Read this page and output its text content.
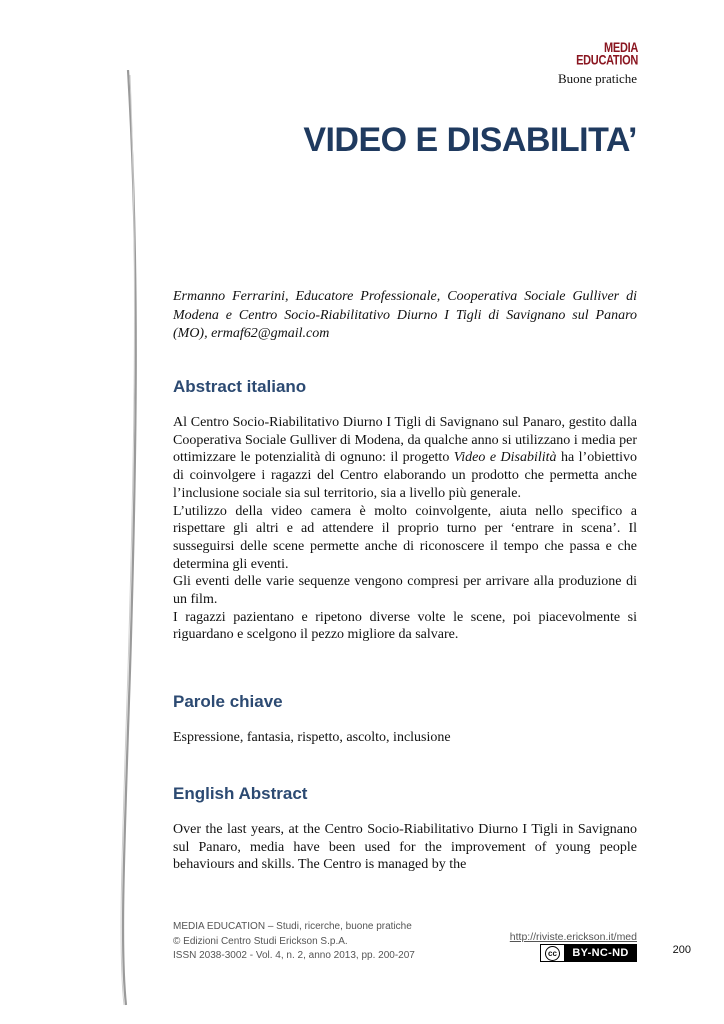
MEDIA
EDUCATION
Buone pratiche
VIDEO E DISABILITA’
Ermanno Ferrarini, Educatore Professionale, Cooperativa Sociale Gulliver di Modena e Centro Socio-Riabilitativo Diurno I Tigli di Savignano sul Panaro (MO), ermaf62@gmail.com
Abstract italiano

Al Centro Socio-Riabilitativo Diurno I Tigli di Savignano sul Panaro, gestito dalla Cooperativa Sociale Gulliver di Modena, da qualche anno si utilizzano i media per ottimizzare le potenzialità di ognuno: il progetto Video e Disabilità ha l’obiettivo di coinvolgere i ragazzi del Centro elaborando un prodotto che permetta anche l’inclusione sociale sia sul territorio, sia a livello più generale.

L’utilizzo della video camera è molto coinvolgente, aiuta nello specifico a rispettare gli altri e ad attendere il proprio turno per ‘entrare in scena’. Il susseguirsi delle scene permette anche di riconoscere il tempo che passa e che determina gli eventi.

Gli eventi delle varie sequenze vengono compresi per arrivare alla produzione di un film.

I ragazzi pazientano e ripetono diverse volte le scene, poi piacevolmente si riguardano e scelgono il pezzo migliore da salvare.

Parole chiave
Espressione, fantasia, rispetto, ascolto, inclusione
English Abstract
Over the last years, at the Centro Socio-Riabilitativo Diurno I Tigli in Savignano sul Panaro, media have been used for the improvement of young people behaviours and skills. The Centro is managed by the
MEDIA EDUCATION – Studi, ricerche, buone pratiche
© Edizioni Centro Studi Erickson S.p.A.
ISSN 2038-3002 - Vol. 4, n. 2, anno 2013, pp. 200-207
http://riviste.erickson.it/med
cc	BY-NC-ND	200
